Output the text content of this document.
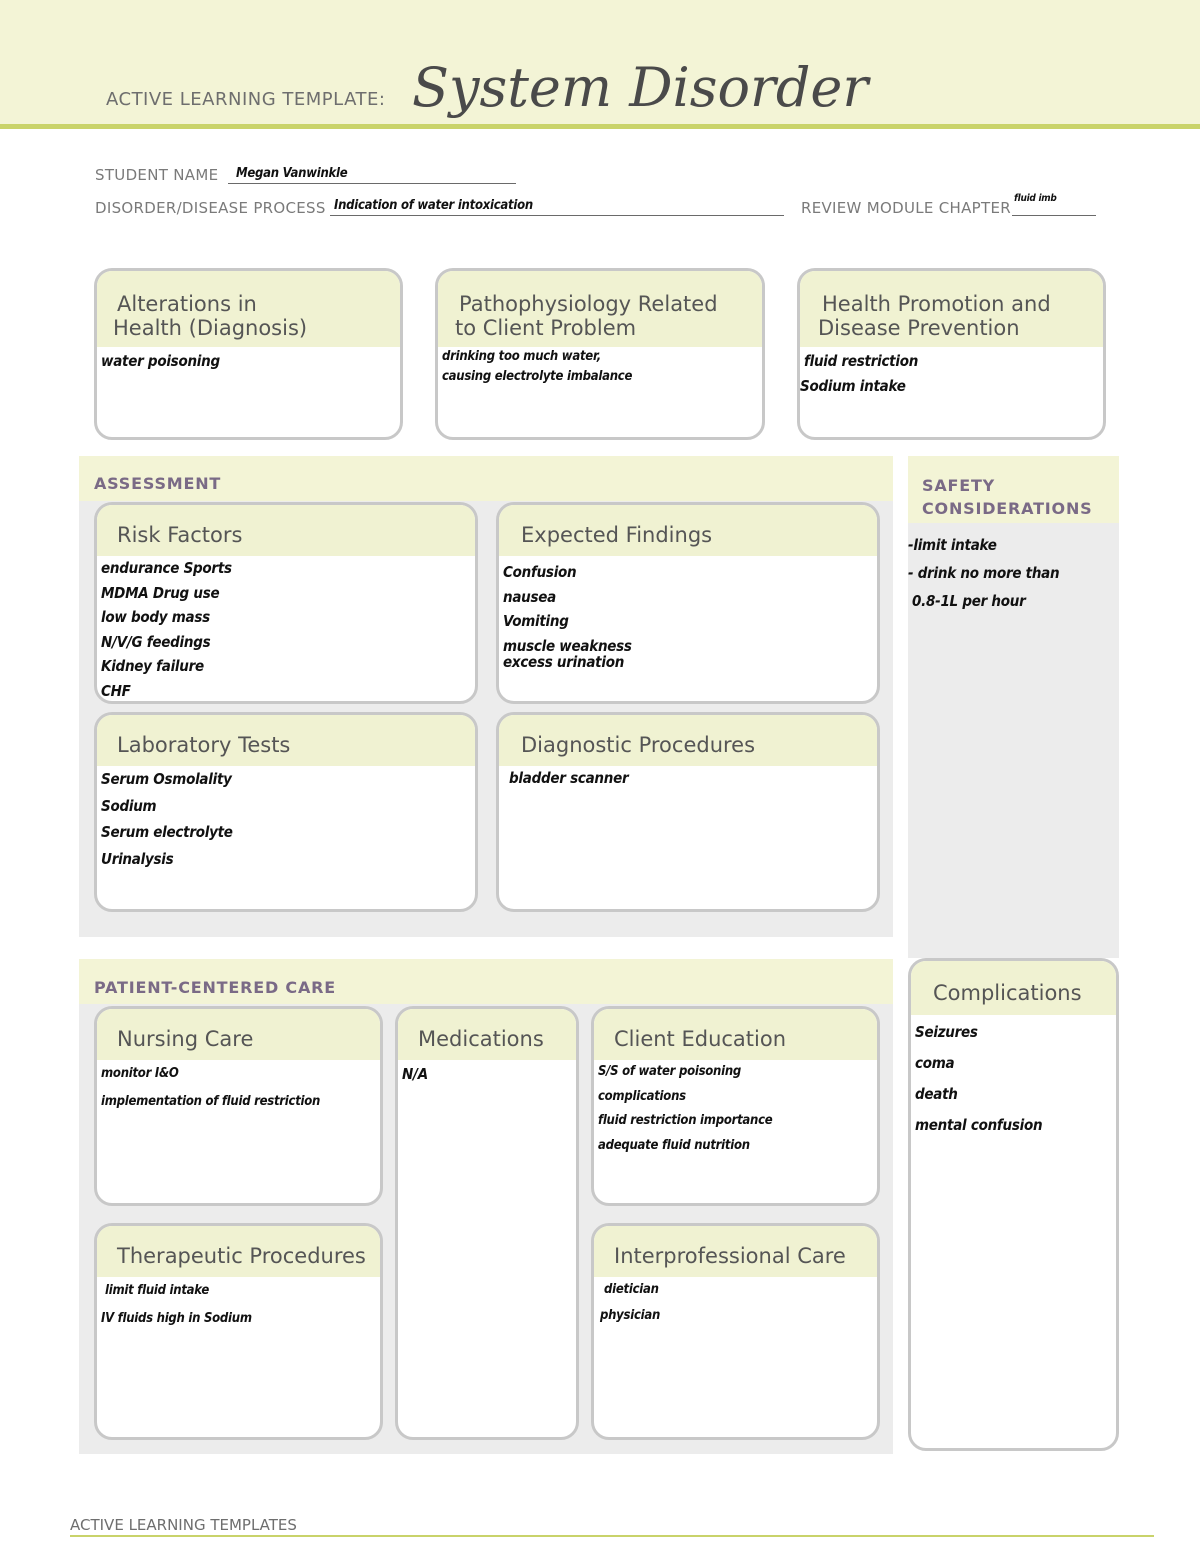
ACTIVE LEARNING TEMPLATE: System Disorder
STUDENT NAME Megan Vanwinkle
DISORDER/DISEASE PROCESS Indication of water intoxication	REVIEW MODULE CHAPTER
fluid imb
Alterations in
Health (Diagnosis)
water poisoning
Pathophysiology Related
to Client Problem
drinking too much water,
causing electrolyte imbalance
Health Promotion and
Disease Prevention
fluid restriction
Sodium intake
ASSESSMENT
Risk Factors
endurance Sports
MDMA Drug use
low body mass
N/V/G feedings
Kidney failure
CHF
Expected Findings
Confusion
nausea
Vomiting
muscle weakness
excess urination
Laboratory Tests
Serum Osmolality
Sodium
Serum electrolyte
Urinalysis
Diagnostic Procedures
bladder scanner
SAFETY
CONSIDERATIONS
-limit intake
- drink no more than
0.8-1L per hour
PATIENT-CENTERED CARE
Nursing Care
monitor I&O
implementation of fluid restriction
Medications
N/A
Client Education
S/S of water poisoning
complications
fluid restriction importance
adequate fluid nutrition
Therapeutic Procedures
limit fluid intake
IV fluids high in Sodium
Interprofessional Care
dietician
physician
Complications
Seizures
coma
death
mental confusion
ACTIVE LEARNING TEMPLATES
